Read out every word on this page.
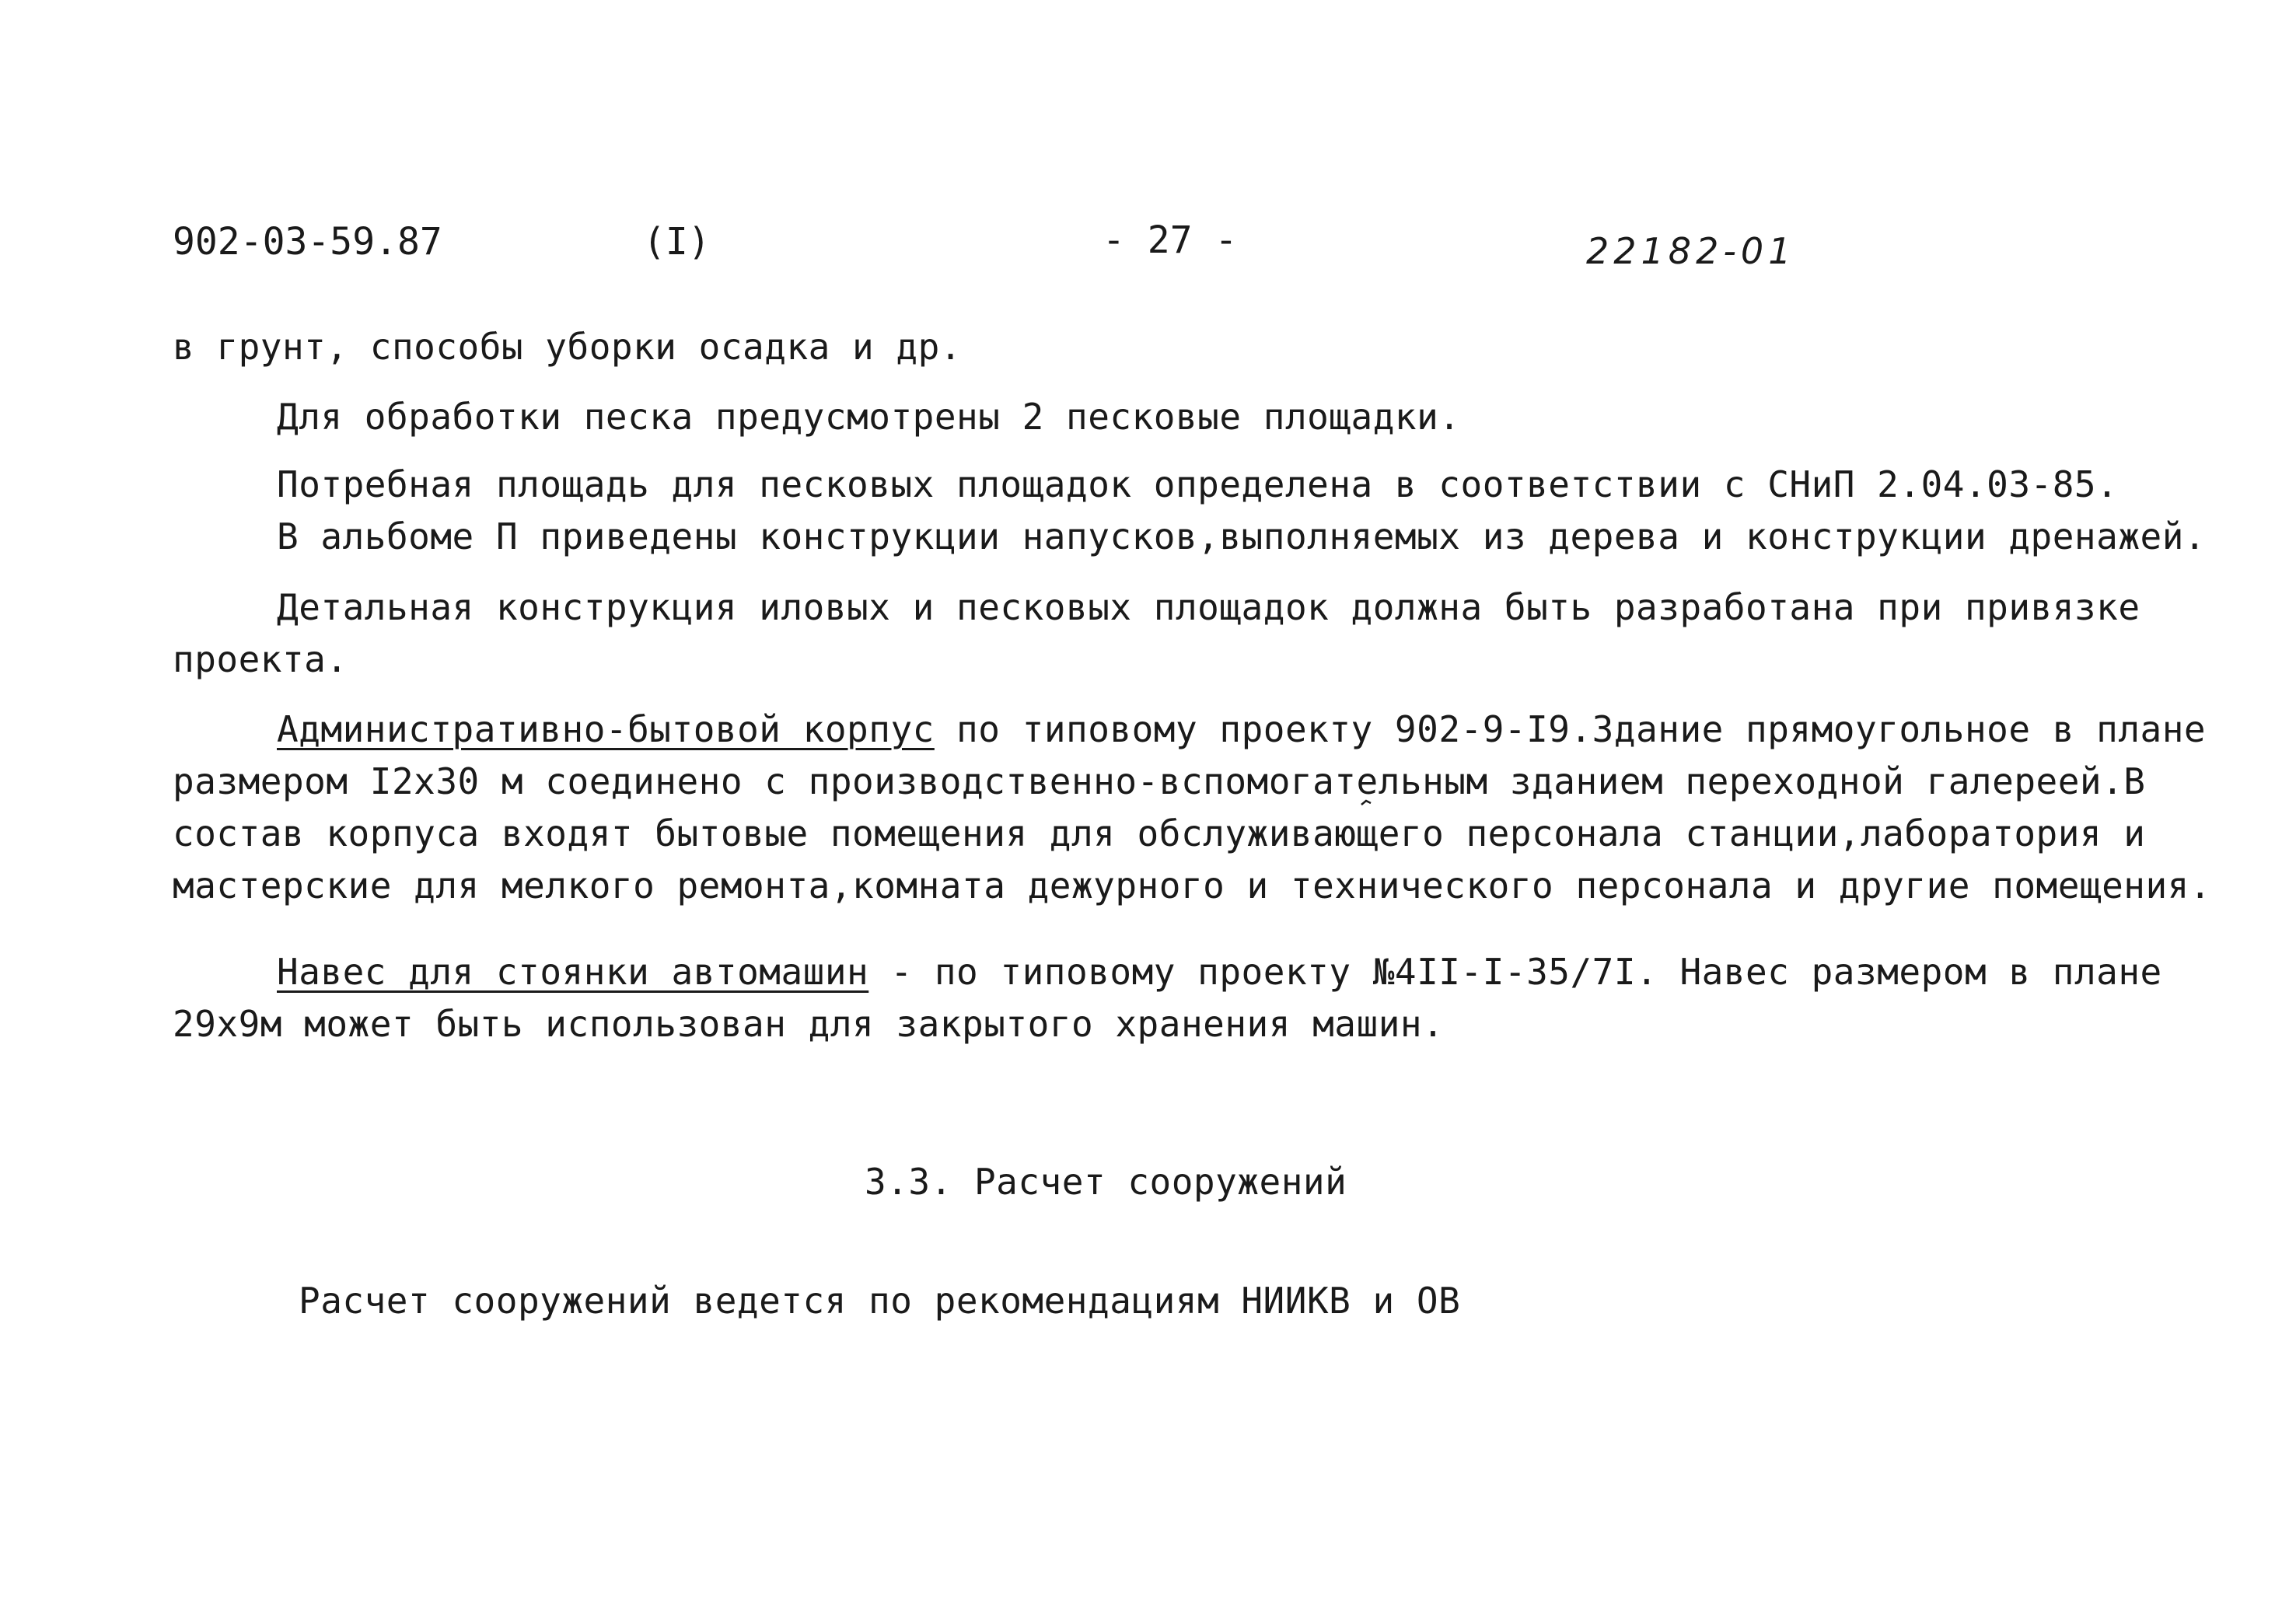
902-03-59.87	(I)	- 27 -	22182-01
в грунт, способы уборки осадка и др.
Для обработки песка предусмотрены 2 песковые площадки.
Потребная площадь для песковых площадок определена в соответствии с СНиП 2.04.03-85.
В альбоме П приведены конструкции напусков,выполняемых из дерева и конструкции дренажей.
Детальная конструкция иловых и песковых площадок должна быть разработана при привязке
проекта.
Административно-бытовой корпус по типовому проекту 902-9-I9.Здание прямоугольное в плане
размером I2х30 м соединено с производственно-вспомогательным зданием переходной галереей.В
состав корпуса входят бытовые помещения для обслуживающего персонала станции,лаборатория и
мастерские для мелкого ремонта,комната дежурного и технического персонала и другие помещения.
Навес для стоянки автомашин - по типовому проекту №4II-I-35/7I. Навес размером в плане
29х9м может быть использован для закрытого хранения машин.
3.3. Расчет сооружений
Расчет сооружений ведется по рекомендациям НИИКВ и ОВ
